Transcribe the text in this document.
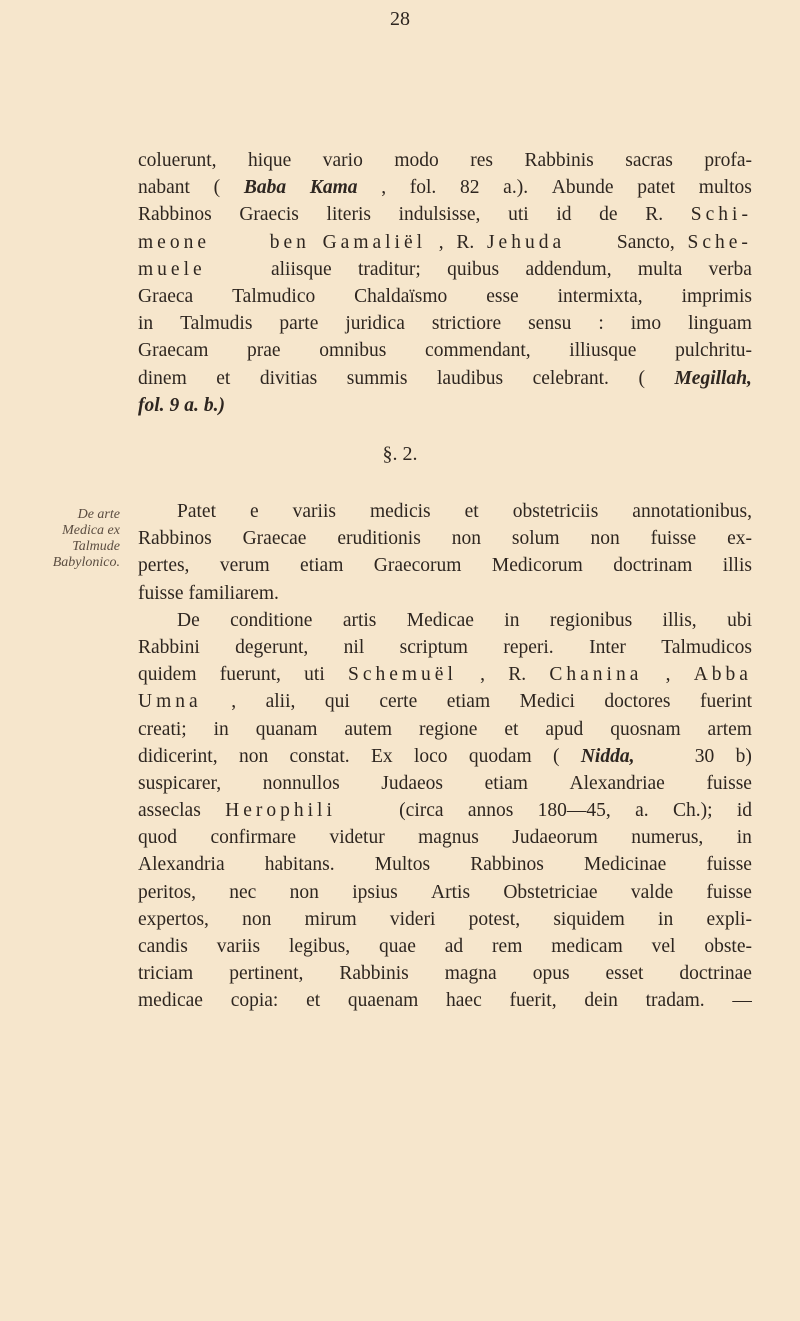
28
coluerunt, hique vario modo res Rabbinis sacras profa-
nabant ( Baba Kama , fol. 82 a.). Abunde patet multos
Rabbinos Graecis literis indulsisse, uti id de R. Schi-
meone   ben Gamaliël , R. Jehuda   Sancto, Sche-
muele   aliisque traditur; quibus addendum, multa verba
Graeca Talmudico Chaldaïsmo esse intermixta, imprimis
in Talmudis parte juridica strictiore sensu : imo linguam
Graecam prae omnibus commendant, illiusque pulchritu-
dinem et divitias summis laudibus celebrant. ( Megillah,
fol. 9 a. b.)
§. 2.
De arte
Medica ex
Talmude
Babylonico.
  Patet e variis medicis et obstetriciis annotationibus,
Rabbinos Graecae eruditionis non solum non fuisse ex-
pertes, verum etiam Graecorum Medicorum doctrinam illis
fuisse familiarem.
  De conditione artis Medicae in regionibus illis, ubi
Rabbini degerunt, nil scriptum reperi. Inter Talmudicos
quidem fuerunt, uti Schemuël , R. Chanina , Abba
Umna , alii, qui certe etiam Medici doctores fuerint
creati; in quanam autem regione et apud quosnam artem
didicerint, non constat. Ex loco quodam ( Nidda,   30 b)
suspicarer, nonnullos Judaeos etiam Alexandriae fuisse
asseclas Herophili   (circa annos 180—45, a. Ch.); id
quod confirmare videtur magnus Judaeorum numerus, in
Alexandria habitans. Multos Rabbinos Medicinae fuisse
peritos, nec non ipsius Artis Obstetriciae valde fuisse
expertos, non mirum videri potest, siquidem in expli-
candis variis legibus, quae ad rem medicam vel obste-
triciam pertinent, Rabbinis magna opus esset doctrinae
medicae copia: et quaenam haec fuerit, dein tradam. —
